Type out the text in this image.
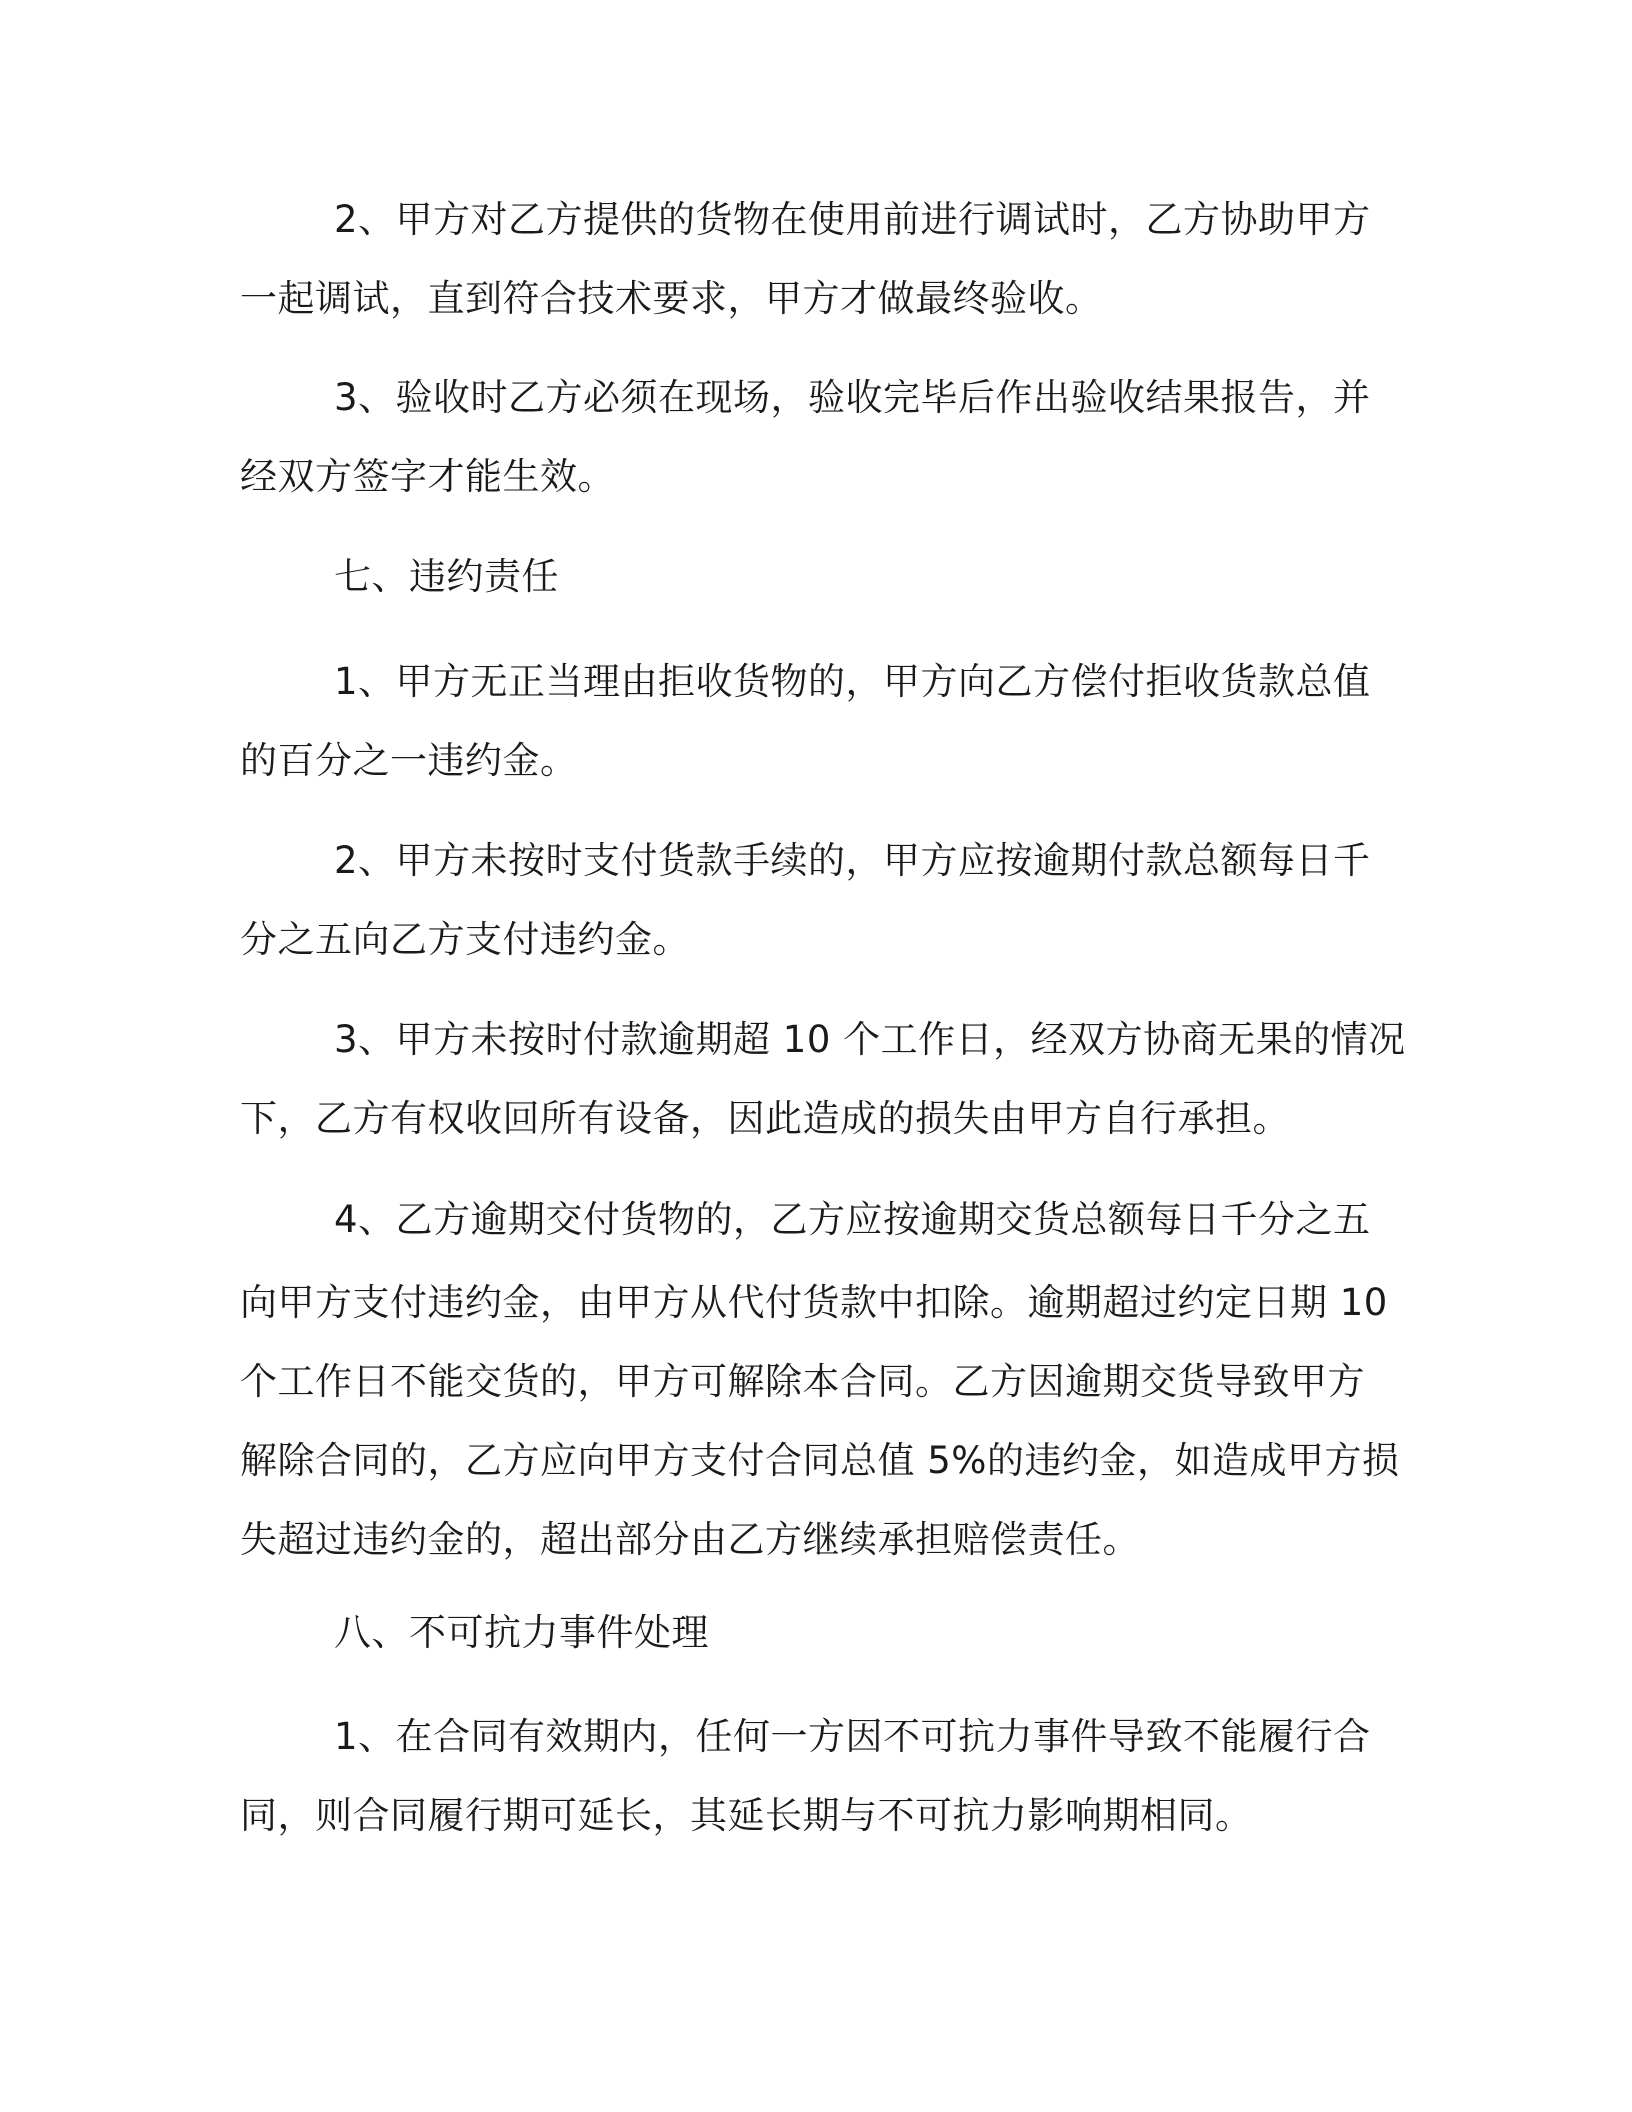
2、甲方对乙方提供的货物在使用前进行调试时，乙方协助甲方
一起调试，直到符合技术要求，甲方才做最终验收。

3、验收时乙方必须在现场，验收完毕后作出验收结果报告，并
经双方签字才能生效。

七、违约责任

1、甲方无正当理由拒收货物的，甲方向乙方偿付拒收货款总值
的百分之一违约金。

2、甲方未按时支付货款手续的，甲方应按逾期付款总额每日千
分之五向乙方支付违约金。

3、甲方未按时付款逾期超 10 个工作日，经双方协商无果的情况
下，乙方有权收回所有设备，因此造成的损失由甲方自行承担。

4、乙方逾期交付货物的，乙方应按逾期交货总额每日千分之五
向甲方支付违约金，由甲方从代付货款中扣除。逾期超过约定日期 10
个工作日不能交货的，甲方可解除本合同。乙方因逾期交货导致甲方
解除合同的，乙方应向甲方支付合同总值 5%的违约金，如造成甲方损
失超过违约金的，超出部分由乙方继续承担赔偿责任。

八、不可抗力事件处理

1、在合同有效期内，任何一方因不可抗力事件导致不能履行合
同，则合同履行期可延长，其延长期与不可抗力影响期相同。
